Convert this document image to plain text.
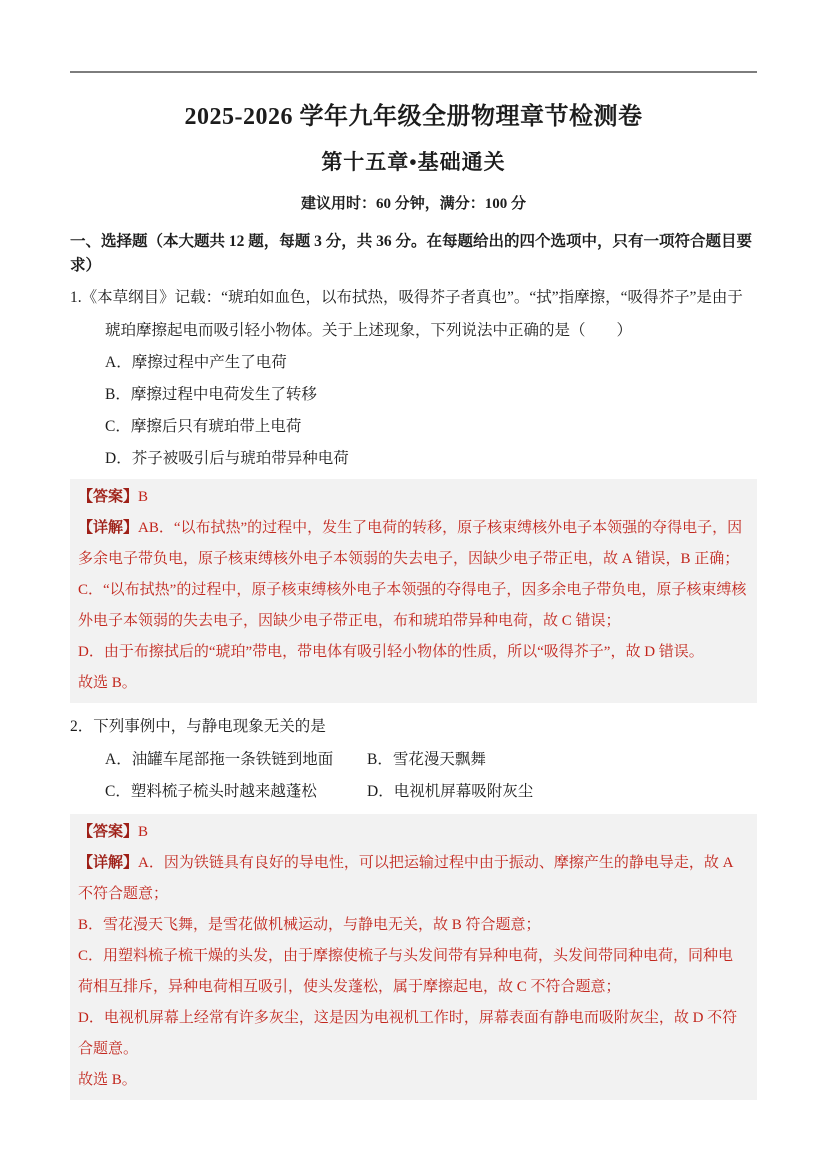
2025-2026 学年九年级全册物理章节检测卷
第十五章•基础通关

建议用时：60 分钟，满分：100 分

一、选择题（本大题共 12 题，每题 3 分，共 36 分。在每题给出的四个选项中，只有一项符合题目要求）

1.《本草纲目》记载：“琥珀如血色，以布拭热，吸得芥子者真也”。“拭”指摩擦，“吸得芥子”是由于琥珀摩擦起电而吸引轻小物体。关于上述现象，下列说法中正确的是（　　）

A．摩擦过程中产生了电荷

B．摩擦过程中电荷发生了转移

C．摩擦后只有琥珀带上电荷

D．芥子被吸引后与琥珀带异种电荷

【答案】B

【详解】AB．“以布拭热”的过程中，发生了电荷的转移，原子核束缚核外电子本领强的夺得电子，因多余电子带负电，原子核束缚核外电子本领弱的失去电子，因缺少电子带正电，故 A 错误，B 正确；

C．“以布拭热”的过程中，原子核束缚核外电子本领强的夺得电子，因多余电子带负电，原子核束缚核外电子本领弱的失去电子，因缺少电子带正电，布和琥珀带异种电荷，故 C 错误；

D．由于布擦拭后的“琥珀”带电，带电体有吸引轻小物体的性质，所以“吸得芥子”，故 D 错误。

故选 B。

2．下列事例中，与静电现象无关的是

A．油罐车尾部拖一条铁链到地面	B．雪花漫天飘舞

C．塑料梳子梳头时越来越蓬松	D．电视机屏幕吸附灰尘

【答案】B

【详解】A．因为铁链具有良好的导电性，可以把运输过程中由于振动、摩擦产生的静电导走，故 A 不符合题意；

B．雪花漫天飞舞，是雪花做机械运动，与静电无关，故 B 符合题意；

C．用塑料梳子梳干燥的头发，由于摩擦使梳子与头发间带有异种电荷，头发间带同种电荷，同种电荷相互排斥，异种电荷相互吸引，使头发蓬松，属于摩擦起电，故 C 不符合题意；

D．电视机屏幕上经常有许多灰尘，这是因为电视机工作时，屏幕表面有静电而吸附灰尘，故 D 不符合题意。

故选 B。
